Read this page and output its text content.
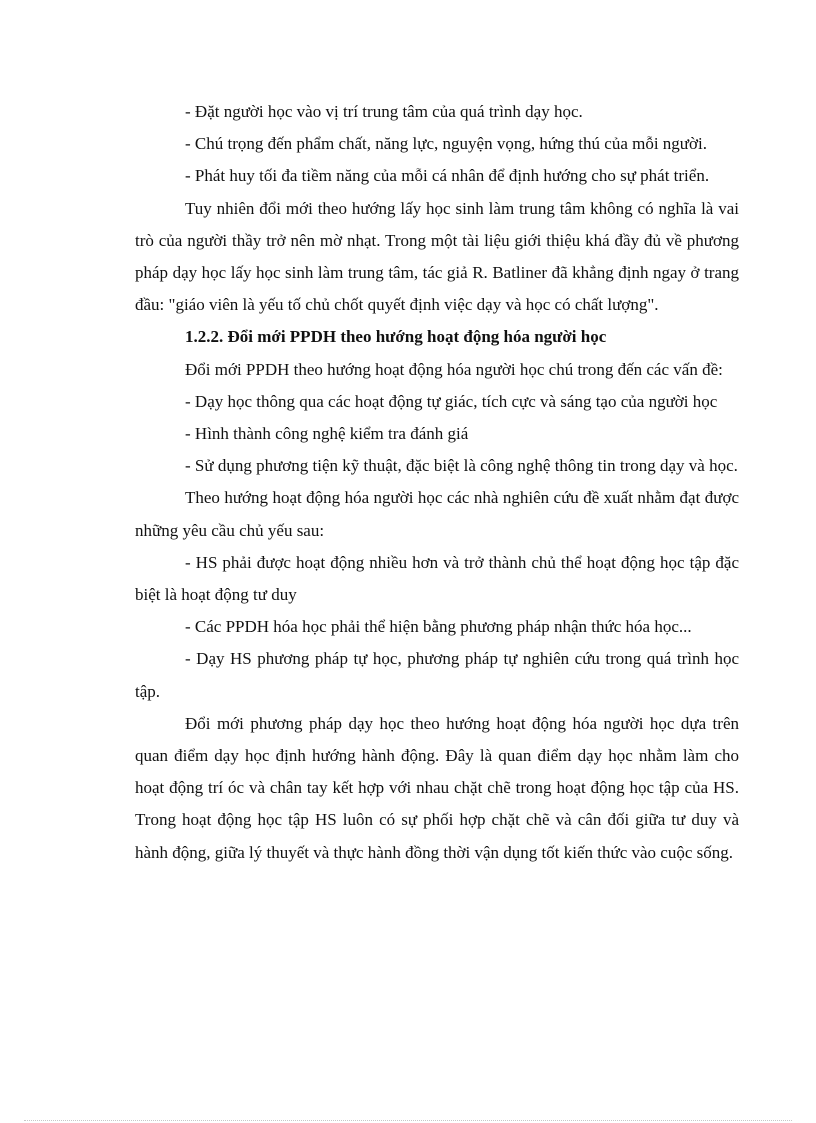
- Đặt người học vào vị trí trung tâm của quá trình dạy học.

- Chú trọng đến phẩm chất, năng lực, nguyện vọng, hứng thú của mỗi người.

- Phát huy tối đa tiềm năng của mỗi cá nhân để định hướng cho sự phát triển.

Tuy nhiên đổi mới theo hướng lấy học sinh làm trung tâm không có nghĩa là vai trò của người thầy trở nên mờ nhạt. Trong một tài liệu giới thiệu khá đầy đủ về phương pháp dạy học lấy học sinh làm trung tâm, tác giả R. Batliner đã khẳng định ngay ở trang đầu: "giáo viên là yếu tố chủ chốt quyết định việc dạy và học có chất lượng".

1.2.2. Đổi mới PPDH theo hướng hoạt động hóa người học

Đổi mới PPDH theo hướng hoạt động hóa người học chú trong đến các vấn đề:

- Dạy học thông qua các hoạt động tự giác, tích cực và sáng tạo của người học

- Hình thành công nghệ kiểm tra đánh giá

- Sử dụng phương tiện kỹ thuật, đặc biệt là công nghệ thông tin trong dạy và học.

Theo hướng hoạt động hóa người học các nhà nghiên cứu đề xuất nhằm đạt được những yêu cầu chủ yếu sau:

- HS phải được hoạt động nhiều hơn và trở thành chủ thể hoạt động học tập đặc biệt là hoạt động tư duy

- Các PPDH hóa học phải thể hiện bằng phương pháp nhận thức hóa học...

- Dạy HS phương pháp tự học, phương pháp tự nghiên cứu trong quá trình học tập.

Đổi mới phương pháp dạy học theo hướng hoạt động hóa người học dựa trên quan điểm dạy học định hướng hành động. Đây là quan điểm dạy học nhằm làm cho hoạt động trí óc và chân tay kết hợp với nhau chặt chẽ trong hoạt động học tập của HS. Trong hoạt động học tập HS luôn có sự phối hợp chặt chẽ và cân đối giữa tư duy và hành động, giữa lý thuyết và thực hành đồng thời vận dụng tốt kiến thức vào cuộc sống.
